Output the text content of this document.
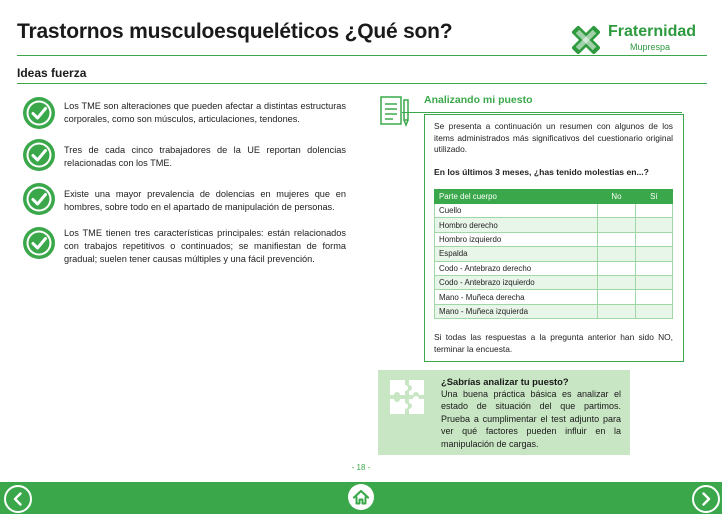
Trastornos musculoesqueléticos ¿Qué son?	Fraternidad
Muprespa
Ideas fuerza
Los TME son alteraciones que pueden afectar a distintas estructuras corporales, como son músculos, articulaciones, tendones.
Tres de cada cinco trabajadores de la UE reportan dolencias relacionadas con los TME.
Existe una mayor prevalencia de dolencias en mujeres que en hombres, sobre todo en el apartado de manipulación de personas.
Los TME tienen tres características principales: están relacionados con trabajos repetitivos o continuados; se manifiestan de forma gradual; suelen tener causas múltiples y una fácil prevención.
Analizando mi puesto
Se presenta a continuación un resumen con algunos de los items administrados más significativos del cuestionario original utilizado.
En los últimos 3 meses, ¿has tenido molestias en...?
Parte del cuerpo	No	Sí
Cuello		
Hombro derecho		
Hombro izquierdo		
Espalda		
Codo - Antebrazo derecho		
Codo - Antebrazo izquierdo		
Mano - Muñeca derecha		
Mano - Muñeca izquierda		
Si todas las respuestas a la pregunta anterior han sido NO, terminar la encuesta.
¿Sabrías analizar tu puesto?
Una buena práctica básica es analizar el estado de situación del que partimos. Prueba a cumplimentar el test adjunto para ver qué factores pueden influir en la manipulación de cargas.
- 18 -
